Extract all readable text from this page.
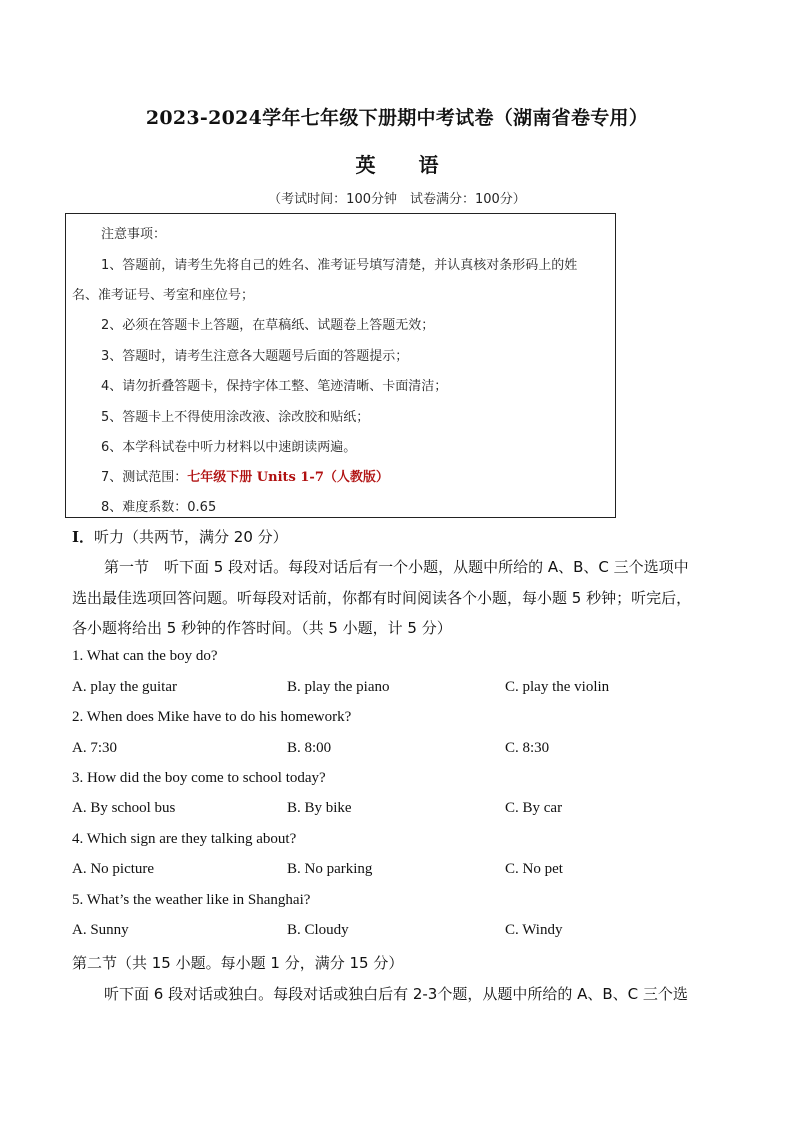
2023-2024学年七年级下册期中考试卷（湖南省卷专用）
英 语
（考试时间：100分钟　试卷满分：100分）
注意事项：
1、答题前，请考生先将自己的姓名、准考证号填写清楚，并认真核对条形码上的姓
名、准考证号、考室和座位号；
2、必须在答题卡上答题，在草稿纸、试题卷上答题无效；
3、答题时，请考生注意各大题题号后面的答题提示；
4、请勿折叠答题卡，保持字体工整、笔迹清晰、卡面清洁；
5、答题卡上不得使用涂改液、涂改胶和贴纸；
6、本学科试卷中听力材料以中速朗读两遍。
7、测试范围：七年级下册 Units 1-7（人教版）
8、难度系数：0.65
I．听力（共两节，满分 20 分）
第一节　听下面 5 段对话。每段对话后有一个小题，从题中所给的 A、B、C 三个选项中
选出最佳选项回答问题。听每段对话前，你都有时间阅读各个小题，每小题 5 秒钟；听完后，
各小题将给出 5 秒钟的作答时间。（共 5 小题，计 5 分）
1. What can the boy do?
A. play the guitar	B. play the piano	C. play the violin
2. When does Mike have to do his homework?
A. 7:30	B. 8:00	C. 8:30
3. How did the boy come to school today?
A. By school bus	B. By bike	C. By car
4. Which sign are they talking about?
A. No picture	B. No parking	C. No pet
5. What’s the weather like in Shanghai?
A. Sunny	B. Cloudy	C. Windy
第二节（共 15 小题。每小题 1 分，满分 15 分）
听下面 6 段对话或独白。每段对话或独白后有 2-3个题，从题中所给的 A、B、C 三个选
